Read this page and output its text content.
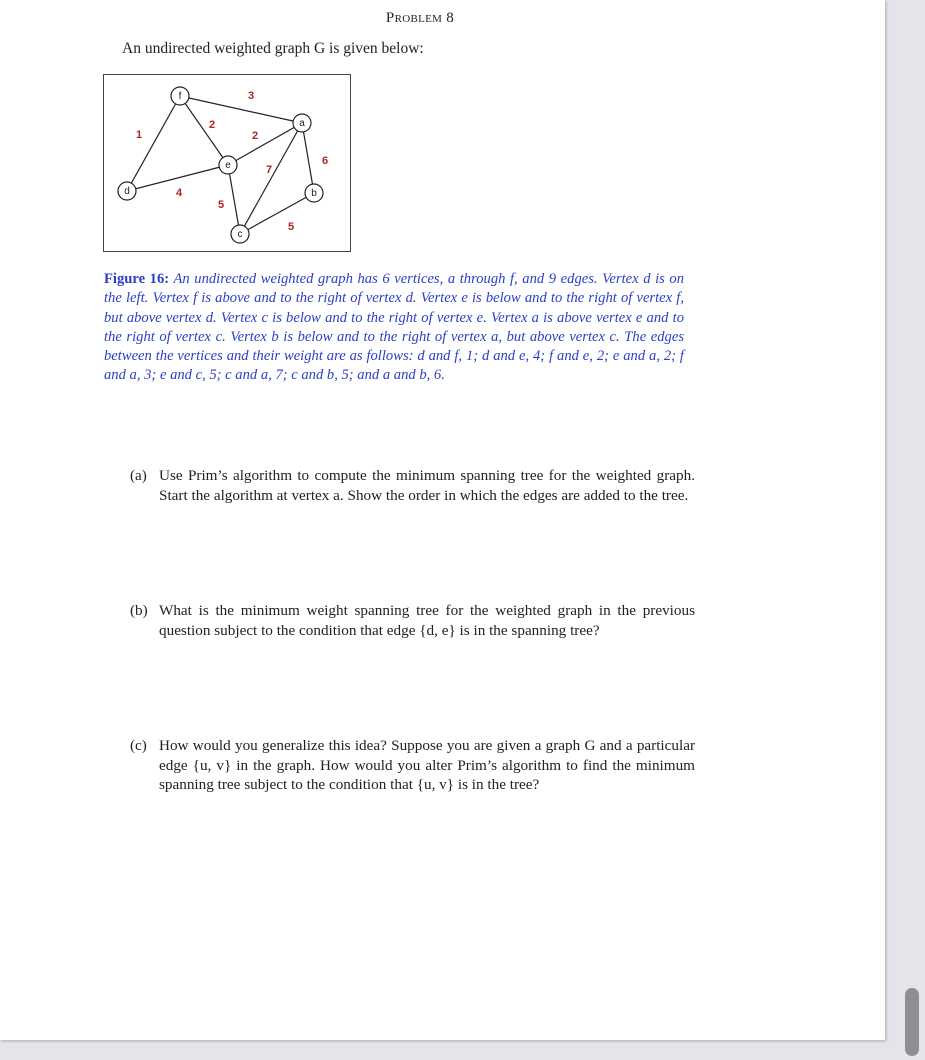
Problem 8
An undirected weighted graph G is given below:
1
4
2
2
3
5
7
5
6
f
a
e
d	b
c
Figure 16: An undirected weighted graph has 6 vertices, a through f, and 9 edges. Vertex d is on the left. Vertex f is above and to the right of vertex d. Vertex e is below and to the right of vertex f, but above vertex d. Vertex c is below and to the right of vertex e. Vertex a is above vertex e and to the right of vertex c. Vertex b is below and to the right of vertex a, but above vertex c. The edges between the vertices and their weight are as follows: d and f, 1; d and e, 4; f and e, 2; e and a, 2; f and a, 3; e and c, 5; c and a, 7; c and b, 5; and a and b, 6.
(a) Use Prim’s algorithm to compute the minimum spanning tree for the weighted graph. Start the algorithm at vertex a. Show the order in which the edges are added to the tree.
(b) What is the minimum weight spanning tree for the weighted graph in the previous question subject to the condition that edge {d, e} is in the spanning tree?
(c) How would you generalize this idea? Suppose you are given a graph G and a particular edge {u, v} in the graph. How would you alter Prim’s algorithm to find the minimum spanning tree subject to the condition that {u, v} is in the tree?
